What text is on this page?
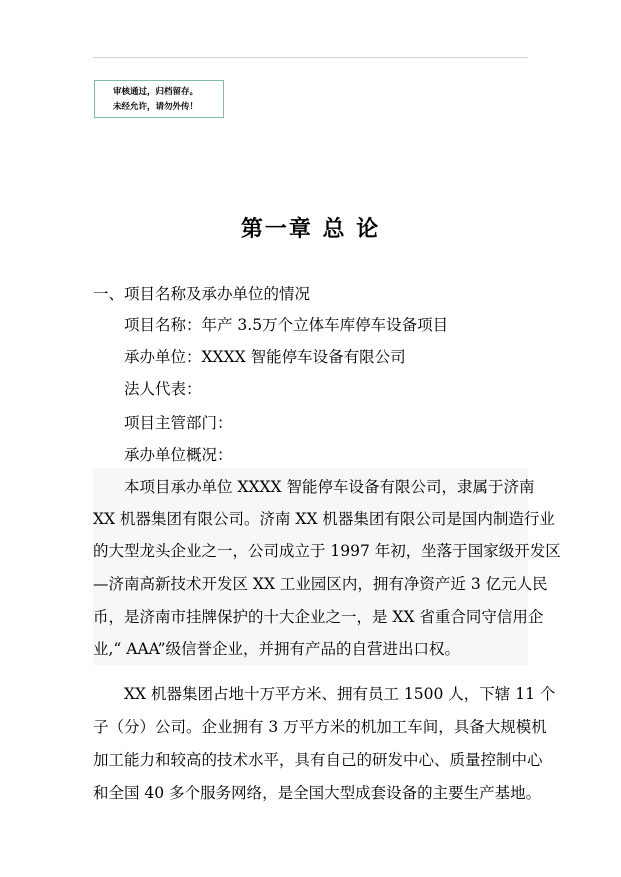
审核通过，归档留存。
未经允许，请勿外传！
第一章 总 论
一、项目名称及承办单位的情况
项目名称：年产 3.5万个立体车库停车设备项目
承办单位：XXXX 智能停车设备有限公司
法人代表：
项目主管部门：
承办单位概况：
本项目承办单位 XXXX 智能停车设备有限公司，隶属于济南
XX 机器集团有限公司。济南 XX 机器集团有限公司是国内制造行业
的大型龙头企业之一，公司成立于 1997 年初，坐落于国家级开发区
—济南高新技术开发区 XX 工业园区内，拥有净资产近 3 亿元人民
币，是济南市挂牌保护的十大企业之一，是 XX 省重合同守信用企
业,“ AAA”级信誉企业，并拥有产品的自营进出口权。
XX 机器集团占地十万平方米、拥有员工 1500 人，下辖 11 个
子（分）公司。企业拥有 3 万平方米的机加工车间，具备大规模机
加工能力和较高的技术水平，具有自己的研发中心、质量控制中心
和全国 40 多个服务网络，是全国大型成套设备的主要生产基地。
